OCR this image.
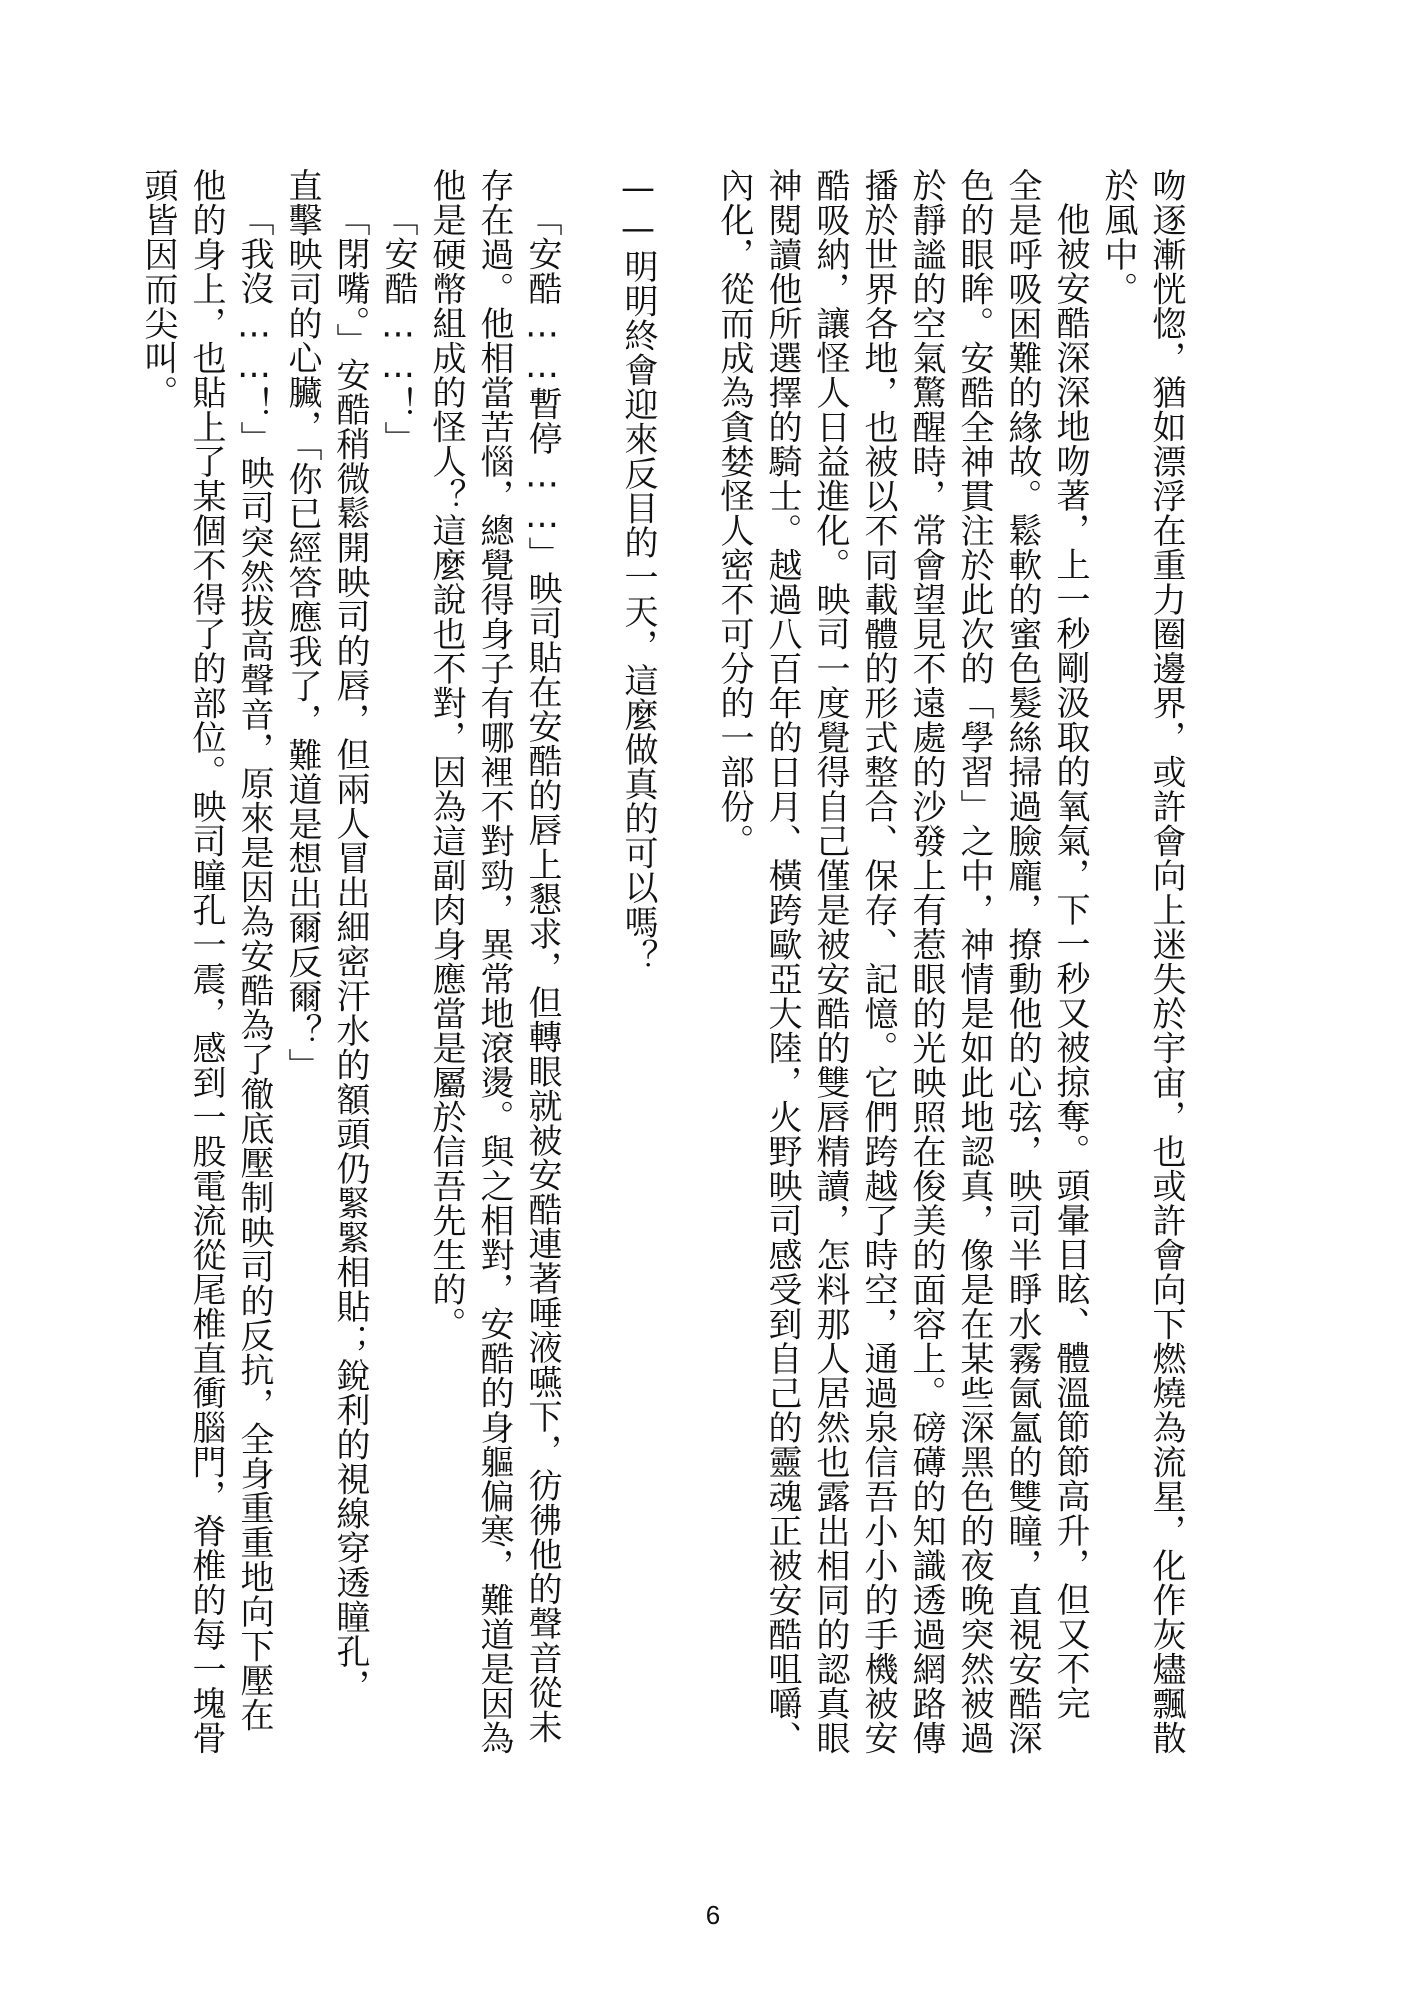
吻逐漸恍惚，猶如漂浮在重力圈邊界，或許會向上迷失於宇宙，也或許會向下燃燒為流星，化作灰燼飄散

於風中。

他被安酷深深地吻著，上一秒剛汲取的氧氣，下一秒又被掠奪。頭暈目眩、體溫節節高升，但又不完

全是呼吸困難的緣故。鬆軟的蜜色髮絲掃過臉龐，撩動他的心弦，映司半睜水霧氤氳的雙瞳，直視安酷深

色的眼眸。安酷全神貫注於此次的「學習」之中，神情是如此地認真，像是在某些深黑色的夜晚突然被過

於靜謐的空氣驚醒時，常會望見不遠處的沙發上有惹眼的光映照在俊美的面容上。磅礡的知識透過網路傳

播於世界各地，也被以不同載體的形式整合、保存、記憶。它們跨越了時空，通過泉信吾小小的手機被安

酷吸納，讓怪人日益進化。映司一度覺得自己僅是被安酷的雙唇精讀，怎料那人居然也露出相同的認真眼

神閱讀他所選擇的騎士。越過八百年的日月、橫跨歐亞大陸，火野映司感受到自己的靈魂正被安酷咀嚼、

內化，從而成為貪婪怪人密不可分的一部份。

——明明終會迎來反目的一天，這麼做真的可以嗎？

「安酷……暫停……」映司貼在安酷的唇上懇求，但轉眼就被安酷連著唾液嚥下，彷彿他的聲音從未

存在過。他相當苦惱，總覺得身子有哪裡不對勁，異常地滾燙。與之相對，安酷的身軀偏寒，難道是因為

他是硬幣組成的怪人？這麼說也不對，因為這副肉身應當是屬於信吾先生的。

「安酷……！」

「閉嘴。」安酷稍微鬆開映司的唇，但兩人冒出細密汗水的額頭仍緊緊相貼；銳利的視線穿透瞳孔，

直擊映司的心臟，「你已經答應我了，難道是想出爾反爾？」

「我沒……！」映司突然拔高聲音，原來是因為安酷為了徹底壓制映司的反抗，全身重重地向下壓在

他的身上，也貼上了某個不得了的部位。映司瞳孔一震，感到一股電流從尾椎直衝腦門，脊椎的每一塊骨

頭皆因而尖叫。

6
